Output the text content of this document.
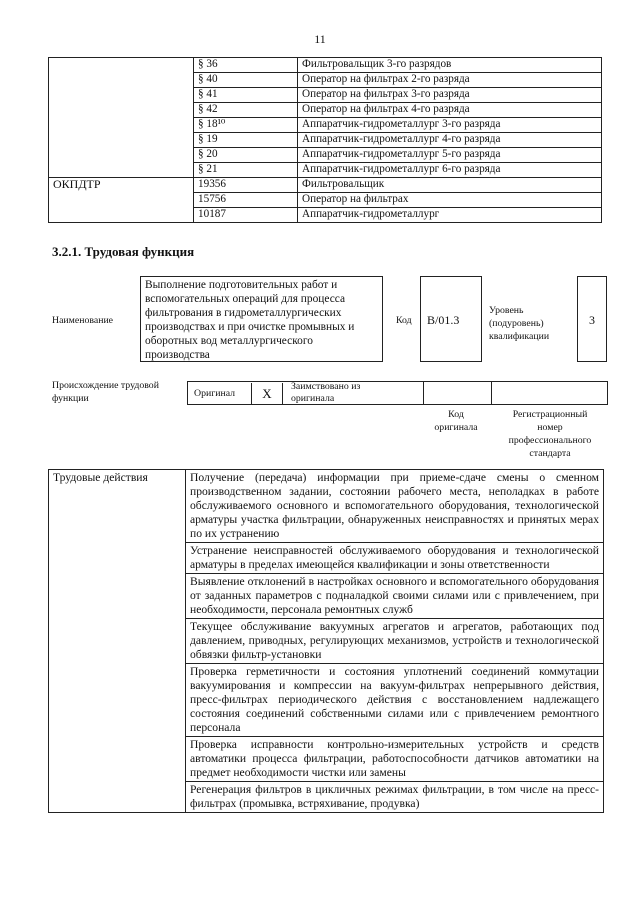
11
	§ 36	Фильтровальщик 3-го разрядов
	§ 40	Оператор на фильтрах 2-го разряда
	§ 41	Оператор на фильтрах 3-го разряда
	§ 42	Оператор на фильтрах 4-го разряда
	§ 18¹⁰	Аппаратчик-гидрометаллург 3-го разряда
	§ 19	Аппаратчик-гидрометаллург 4-го разряда
	§ 20	Аппаратчик-гидрометаллург 5-го разряда
	§ 21	Аппаратчик-гидрометаллург 6-го разряда
ОКПДТР	19356	Фильтровальщик
	15756	Оператор на фильтрах
	10187	Аппаратчик-гидрометаллург
3.2.1. Трудовая функция
Наименование
Выполнение подготовительных работ и вспомогательных операций для процесса фильтрования в гидрометаллургических производствах и при очистке промывных и оборотных вод металлургического производства
Код	B/01.3
Уровень (подуровень) квалификации
3
Происхождение трудовой функции	Оригинал	X	Заимствовано из оригинала
Код оригинала
Регистрационный номер профессионального стандарта
Трудовые действия	Получение (передача) информации при приеме-сдаче смены о сменном производственном задании, состоянии рабочего места, неполадках в работе обслуживаемого основного и вспомогательного оборудования, технологической арматуры участка фильтрации, обнаруженных неисправностях и принятых мерах по их устранению
Устранение неисправностей обслуживаемого оборудования и технологической арматуры в пределах имеющейся квалификации и зоны ответственности
Выявление отклонений в настройках основного и вспомогательного оборудования от заданных параметров с подналадкой своими силами или с привлечением, при необходимости, персонала ремонтных служб
Текущее обслуживание вакуумных агрегатов и агрегатов, работающих под давлением, приводных, регулирующих механизмов, устройств и технологической обвязки фильтр-установки
Проверка герметичности и состояния уплотнений соединений коммутации вакуумирования и компрессии на вакуум-фильтрах непрерывного действия, пресс-фильтрах периодического действия с восстановлением надлежащего состояния соединений собственными силами или с привлечением ремонтного персонала
Проверка исправности контрольно-измерительных устройств и средств автоматики процесса фильтрации, работоспособности датчиков автоматики на предмет необходимости чистки или замены
Регенерация фильтров в цикличных режимах фильтрации, в том числе на пресс-фильтрах (промывка, встряхивание, продувка)
